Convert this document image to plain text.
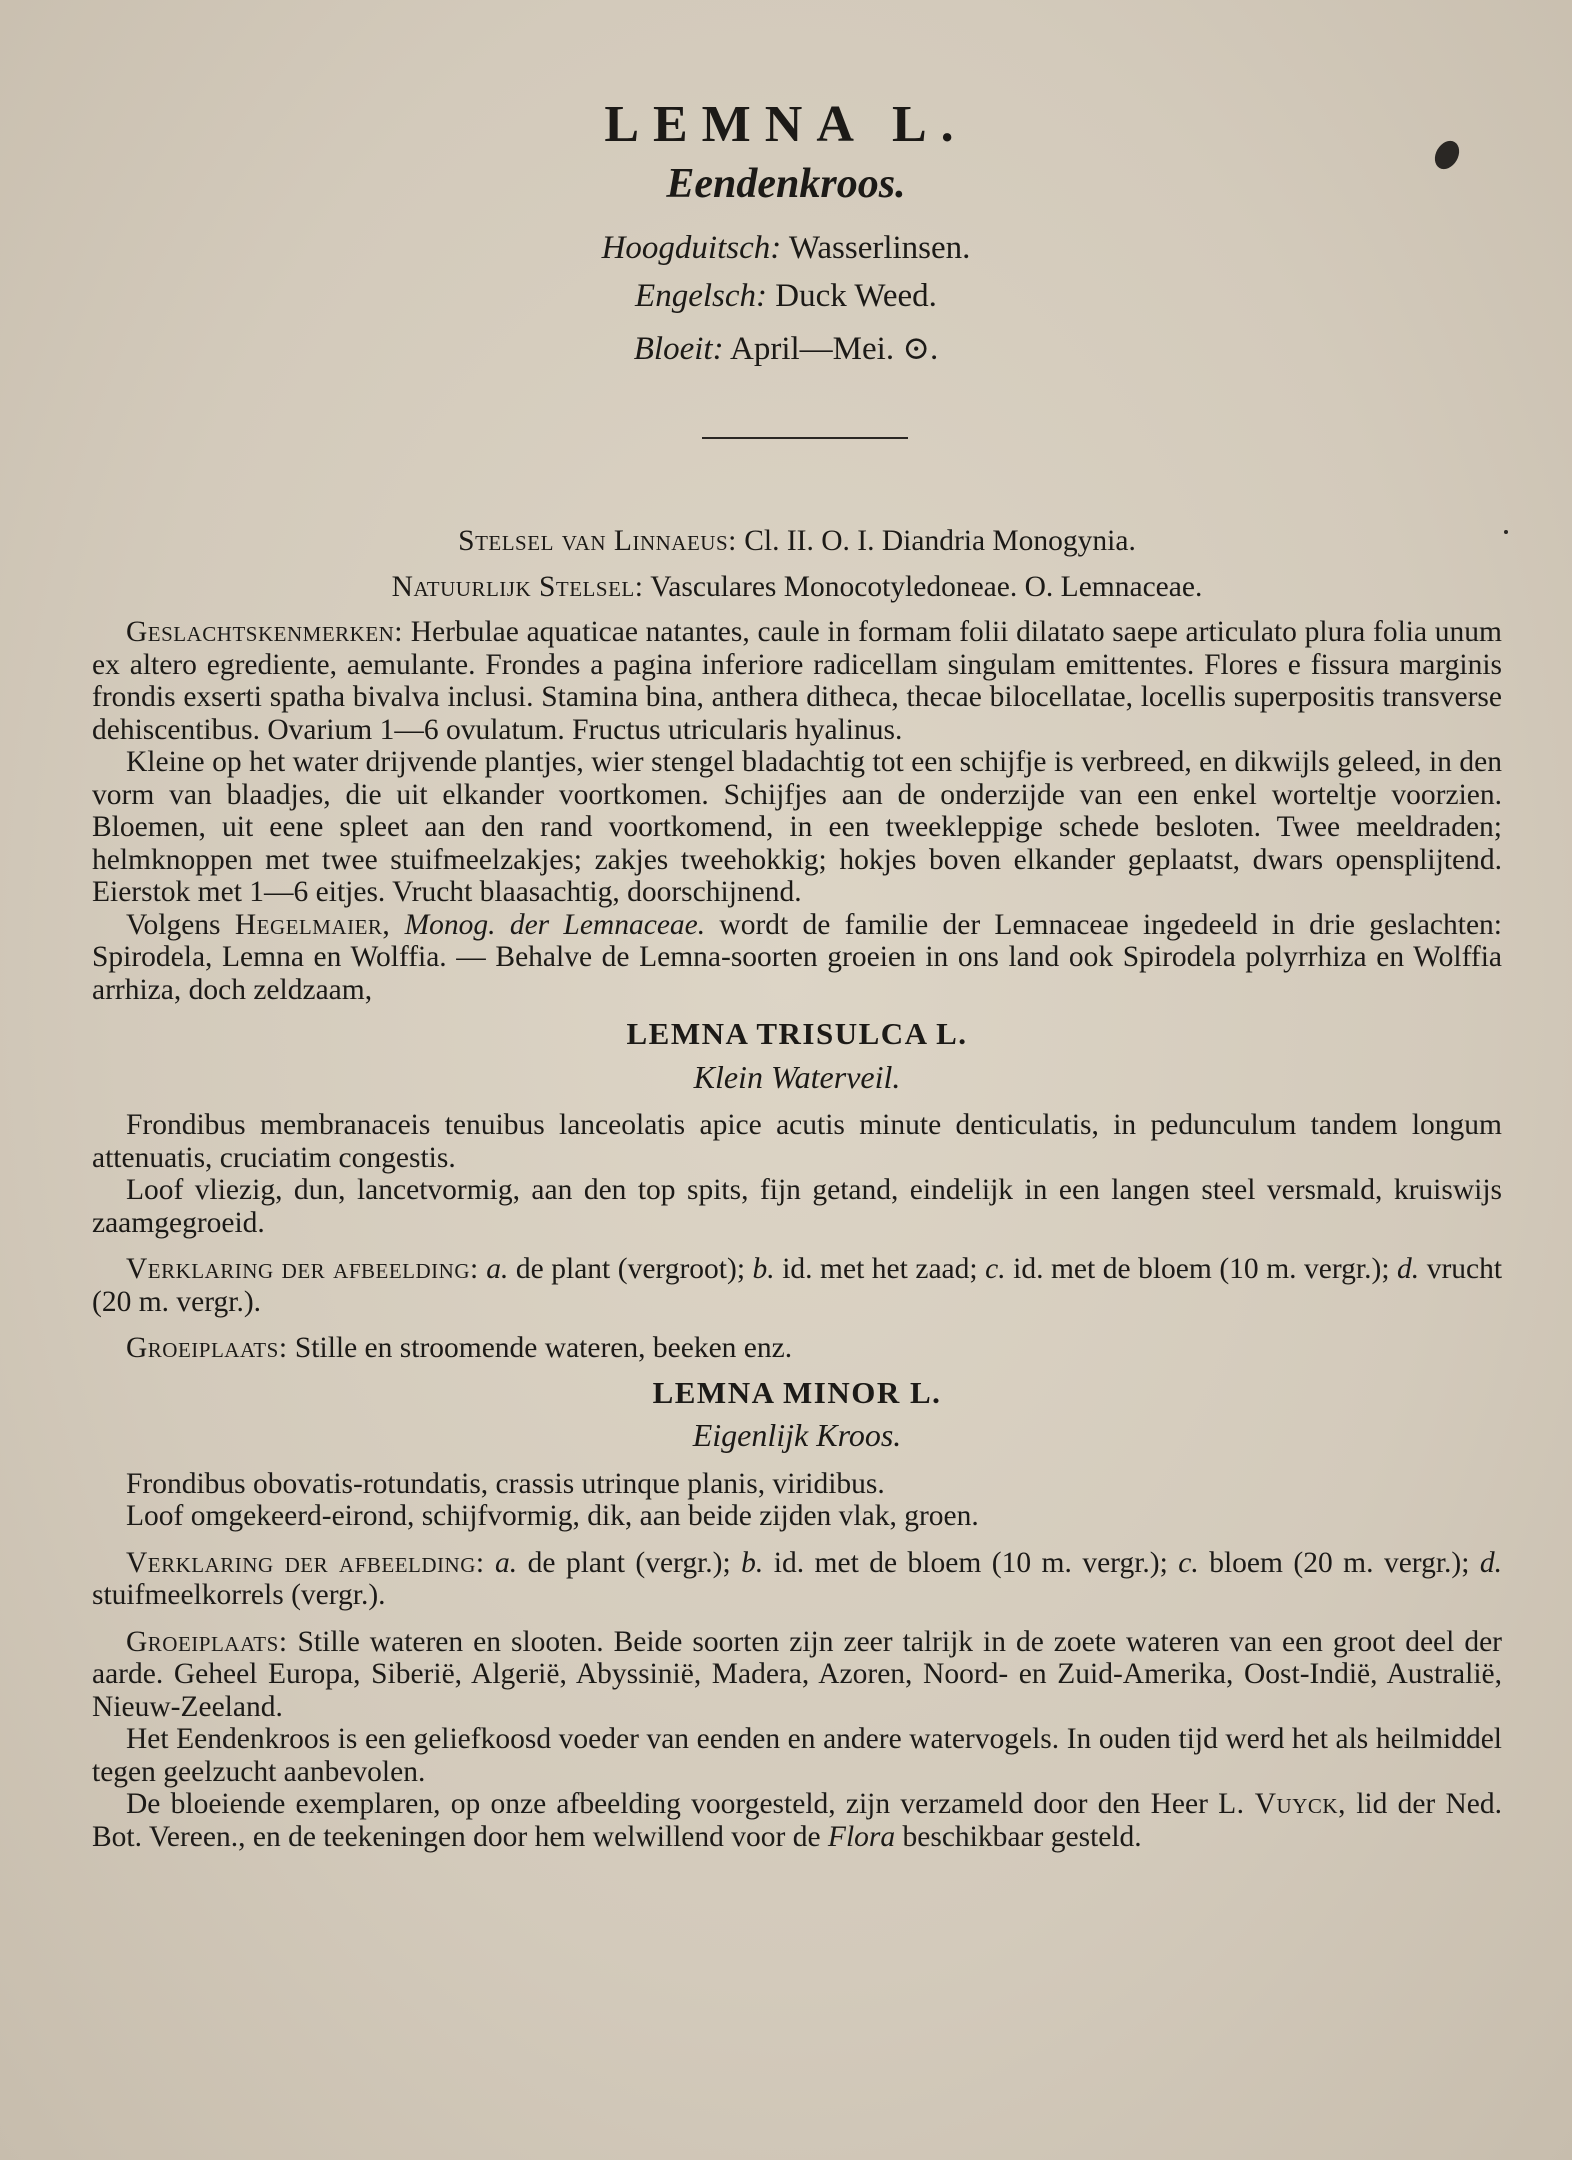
LEMNA L.
Eendenkroos.
Hoogduitsch: Wasserlinsen.
Engelsch: Duck Weed.
Bloeit: April—Mei. ⊙.

Stelsel van Linnaeus: Cl. II. O. I. Diandria Monogynia.

Natuurlijk Stelsel: Vasculares Monocotyledoneae. O. Lemnaceae.

Geslachtskenmerken: Herbulae aquaticae natantes, caule in formam folii dilatato saepe articulato plura folia unum ex altero egrediente, aemulante. Frondes a pagina inferiore radicellam singulam emittentes. Flores e fissura marginis frondis exserti spatha bivalva inclusi. Stamina bina, anthera ditheca, thecae bilocellatae, locellis superpositis transverse dehiscentibus. Ovarium 1—6 ovulatum. Fructus utricularis hyalinus.

Kleine op het water drijvende plantjes, wier stengel bladachtig tot een schijfje is verbreed, en dikwijls geleed, in den vorm van blaadjes, die uit elkander voortkomen. Schijfjes aan de onderzijde van een enkel worteltje voorzien. Bloemen, uit eene spleet aan den rand voortkomend, in een tweekleppige schede besloten. Twee meeldraden; helmknoppen met twee stuifmeelzakjes; zakjes tweehokkig; hokjes boven elkander geplaatst, dwars opensplijtend. Eierstok met 1—6 eitjes. Vrucht blaasachtig, doorschijnend.

Volgens Hegelmaier, Monog. der Lemnaceae. wordt de familie der Lemnaceae ingedeeld in drie geslachten: Spirodela, Lemna en Wolffia. — Behalve de Lemna-soorten groeien in ons land ook Spirodela polyrrhiza en Wolffia arrhiza, doch zeldzaam,

LEMNA TRISULCA L.

Klein Waterveil.

Frondibus membranaceis tenuibus lanceolatis apice acutis minute denticulatis, in pedunculum tandem longum attenuatis, cruciatim congestis.

Loof vliezig, dun, lancetvormig, aan den top spits, fijn getand, eindelijk in een langen steel versmald, kruiswijs zaamgegroeid.

Verklaring der afbeelding: a. de plant (vergroot); b. id. met het zaad; c. id. met de bloem (10 m. vergr.); d. vrucht (20 m. vergr.).

Groeiplaats: Stille en stroomende wateren, beeken enz.

LEMNA MINOR L.

Eigenlijk Kroos.

Frondibus obovatis-rotundatis, crassis utrinque planis, viridibus.

Loof omgekeerd-eirond, schijfvormig, dik, aan beide zijden vlak, groen.

Verklaring der afbeelding: a. de plant (vergr.); b. id. met de bloem (10 m. vergr.); c. bloem (20 m. vergr.); d. stuifmeelkorrels (vergr.).

Groeiplaats: Stille wateren en slooten. Beide soorten zijn zeer talrijk in de zoete wateren van een groot deel der aarde. Geheel Europa, Siberië, Algerië, Abyssinië, Madera, Azoren, Noord- en Zuid-Amerika, Oost-Indië, Australië, Nieuw-Zeeland.

Het Eendenkroos is een geliefkoosd voeder van eenden en andere watervogels. In ouden tijd werd het als heilmiddel tegen geelzucht aanbevolen.

De bloeiende exemplaren, op onze afbeelding voorgesteld, zijn verzameld door den Heer L. Vuyck, lid der Ned. Bot. Vereen., en de teekeningen door hem welwillend voor de Flora beschikbaar gesteld.
